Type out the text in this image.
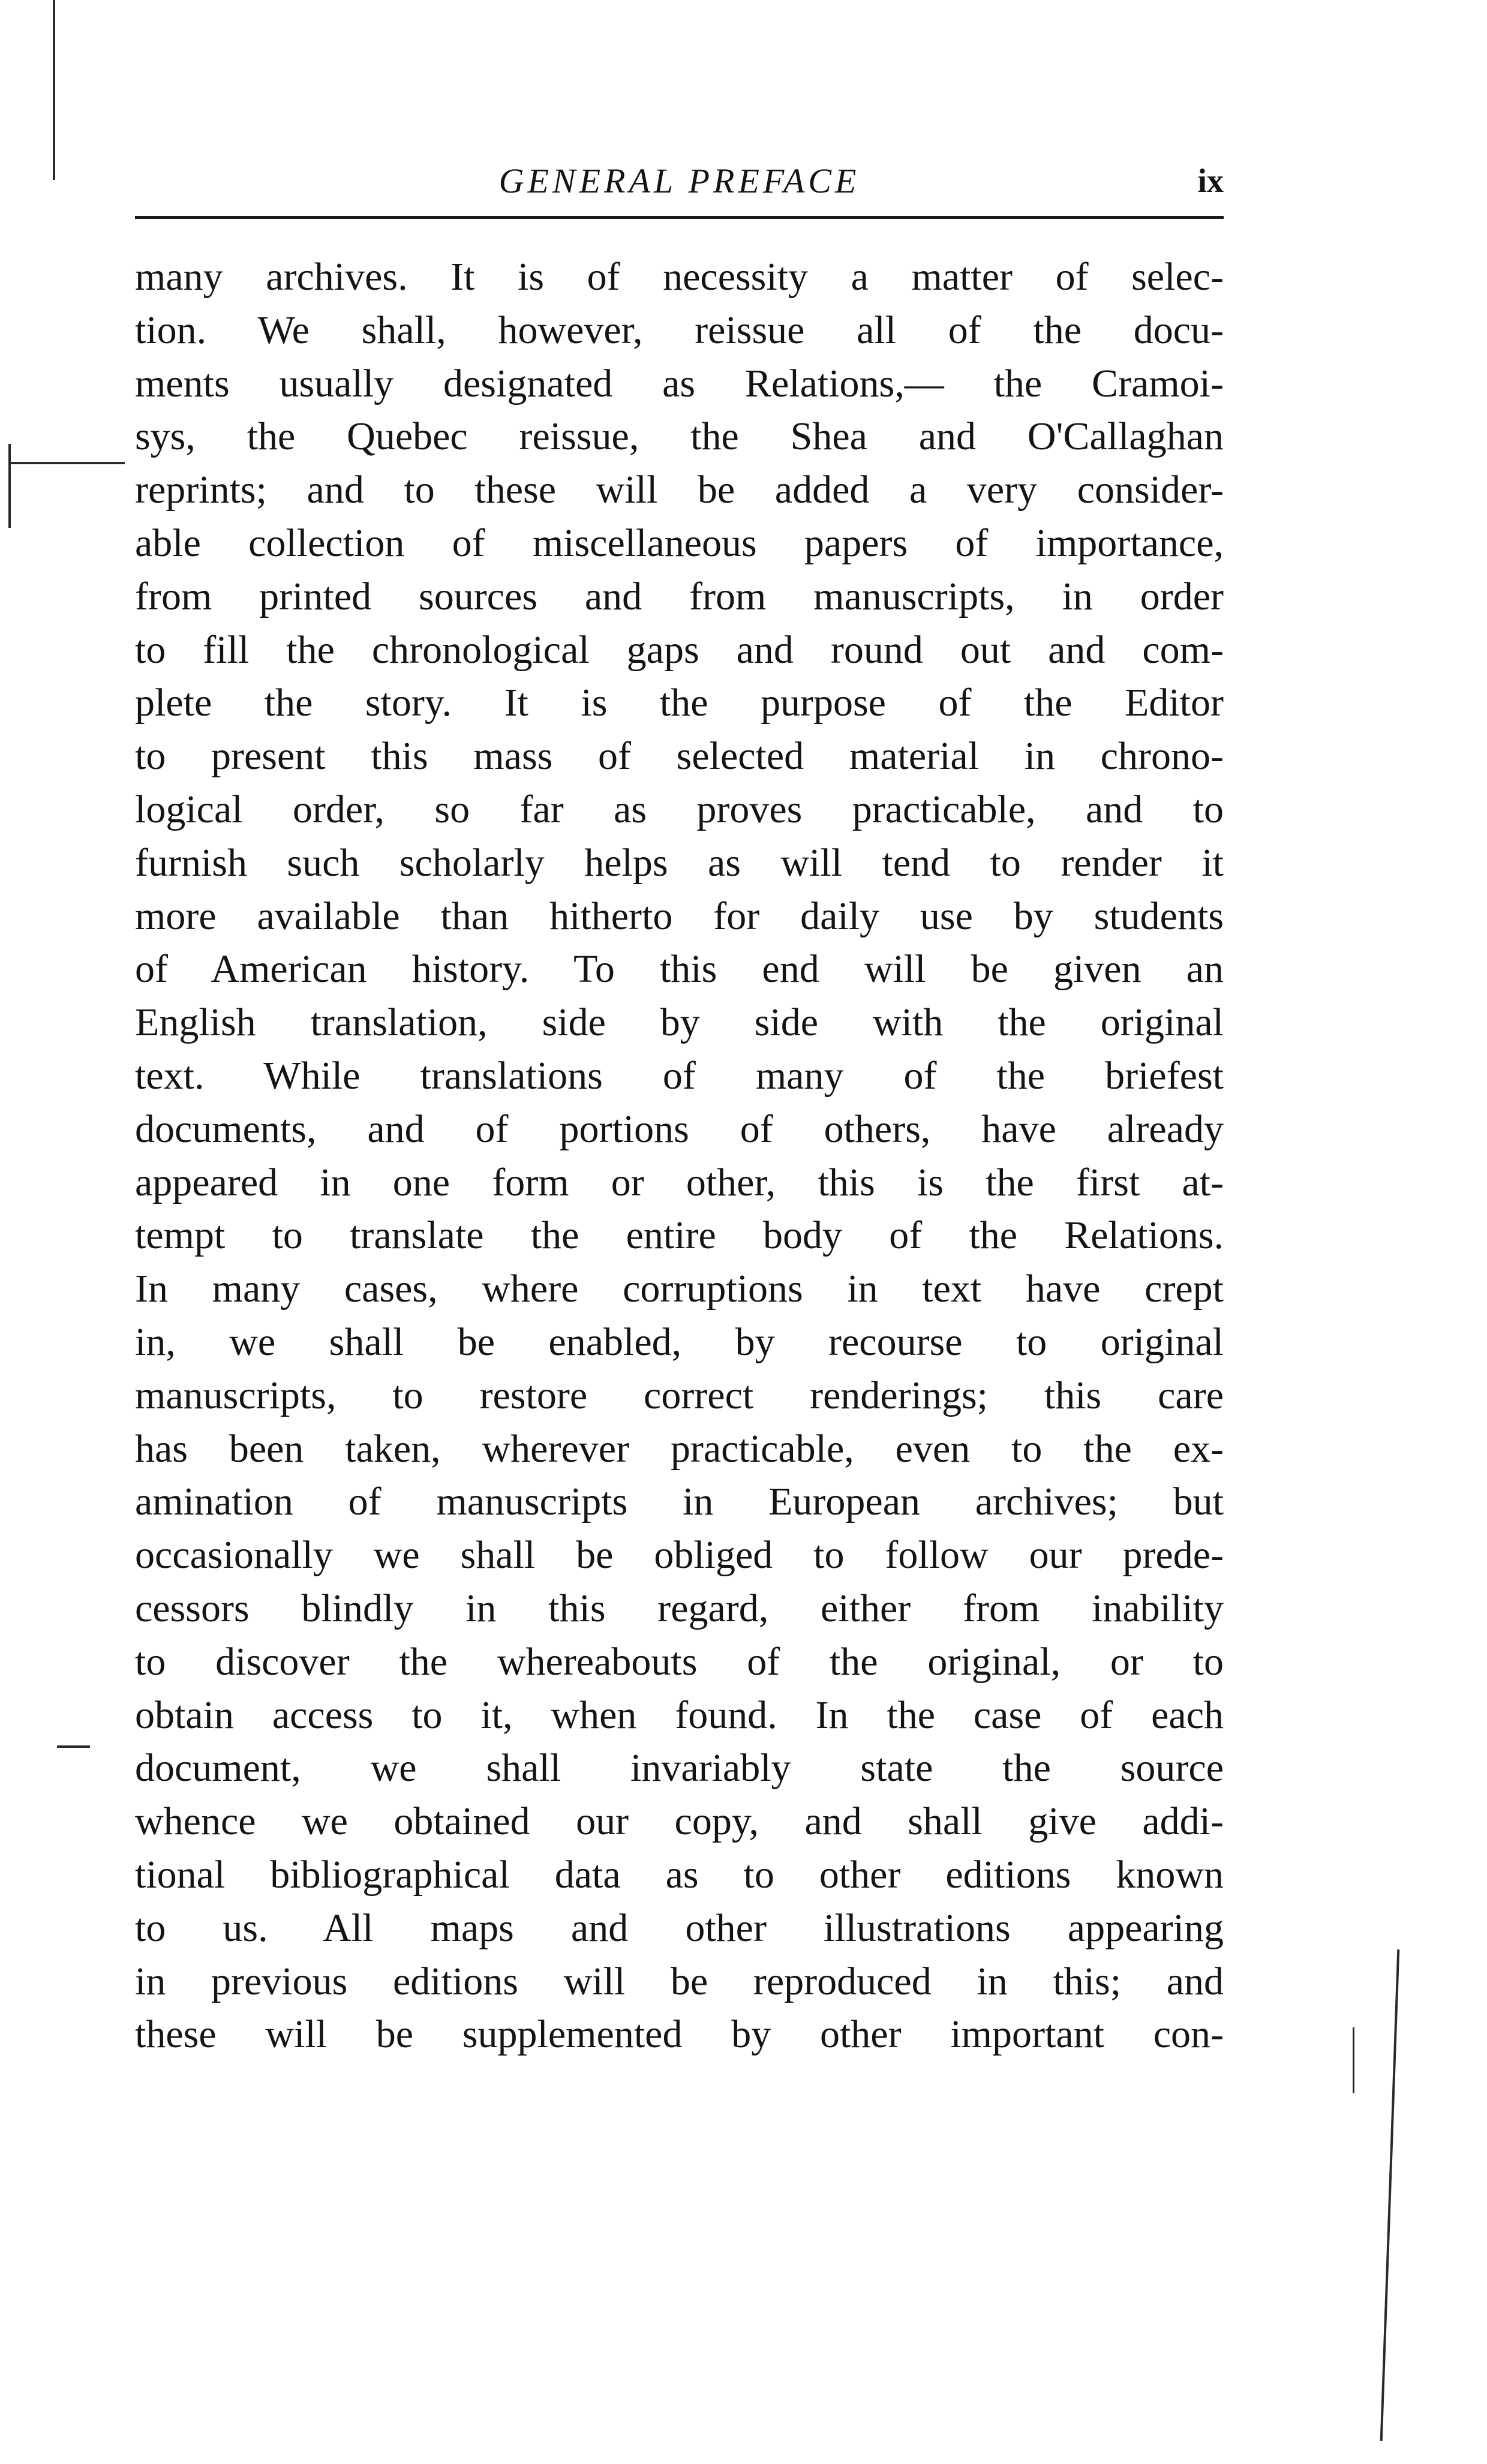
GENERAL PREFACE	ix
many archives. It is of necessity a matter of selec-
tion. We shall, however, reissue all of the docu-
ments usually designated as Relations,— the Cramoi-
sys, the Quebec reissue, the Shea and O'Callaghan
reprints; and to these will be added a very consider-
able collection of miscellaneous papers of importance,
from printed sources and from manuscripts, in order
to fill the chronological gaps and round out and com-
plete the story. It is the purpose of the Editor
to present this mass of selected material in chrono-
logical order, so far as proves practicable, and to
furnish such scholarly helps as will tend to render it
more available than hitherto for daily use by students
of American history. To this end will be given an
English translation, side by side with the original
text. While translations of many of the briefest
documents, and of portions of others, have already
appeared in one form or other, this is the first at-
tempt to translate the entire body of the Relations.
In many cases, where corruptions in text have crept
in, we shall be enabled, by recourse to original
manuscripts, to restore correct renderings; this care
has been taken, wherever practicable, even to the ex-
amination of manuscripts in European archives; but
occasionally we shall be obliged to follow our prede-
cessors blindly in this regard, either from inability
to discover the whereabouts of the original, or to
obtain access to it, when found. In the case of each
document, we shall invariably state the source
whence we obtained our copy, and shall give addi-
tional bibliographical data as to other editions known
to us. All maps and other illustrations appearing
in previous editions will be reproduced in this; and
these will be supplemented by other important con-
